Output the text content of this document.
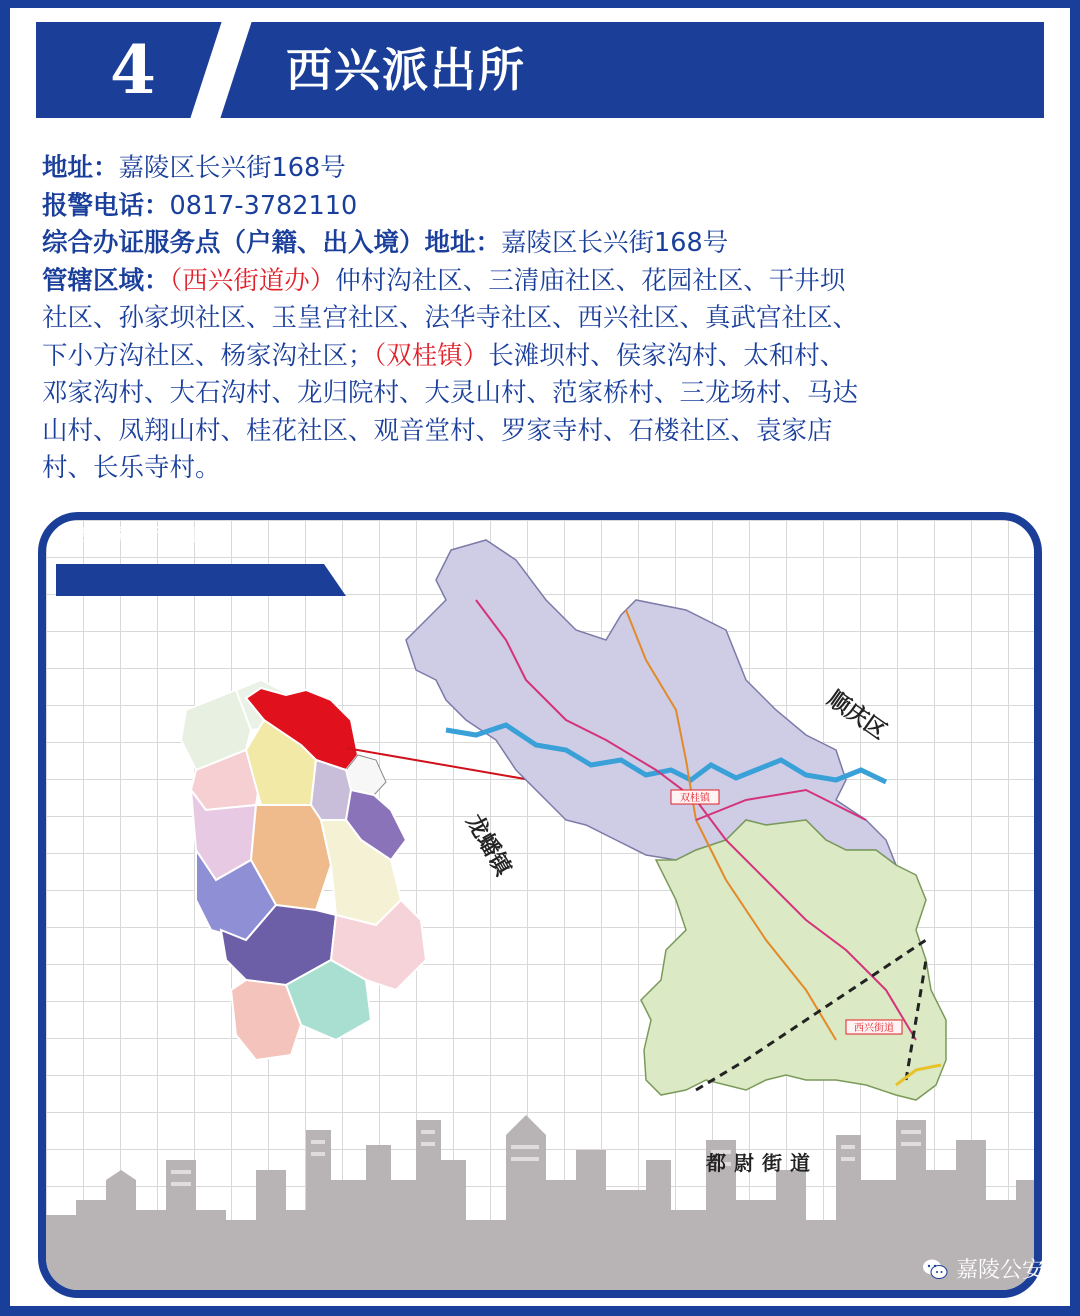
4	西兴派出所

地址：嘉陵区长兴街168号

报警电话：0817-3782110

综合办证服务点（户籍、出入境）地址：嘉陵区长兴街168号

管辖区域：（西兴街道办）仲村沟社区、三清庙社区、花园社区、干井坝

社区、孙家坝社区、玉皇宫社区、法华寺社区、西兴社区、真武宫社区、

下小方沟社区、杨家沟社区；（双桂镇）长滩坝村、侯家沟村、太和村、

邓家沟村、大石沟村、龙归院村、大灵山村、范家桥村、三龙场村、马达

山村、凤翔山村、桂花社区、观音堂村、罗家寺村、石楼社区、袁家店

村、长乐寺村。

双桂镇
西兴街道
顺庆区
龙蟠镇
都尉街道
西兴派出所管辖区域
嘉陵公安
